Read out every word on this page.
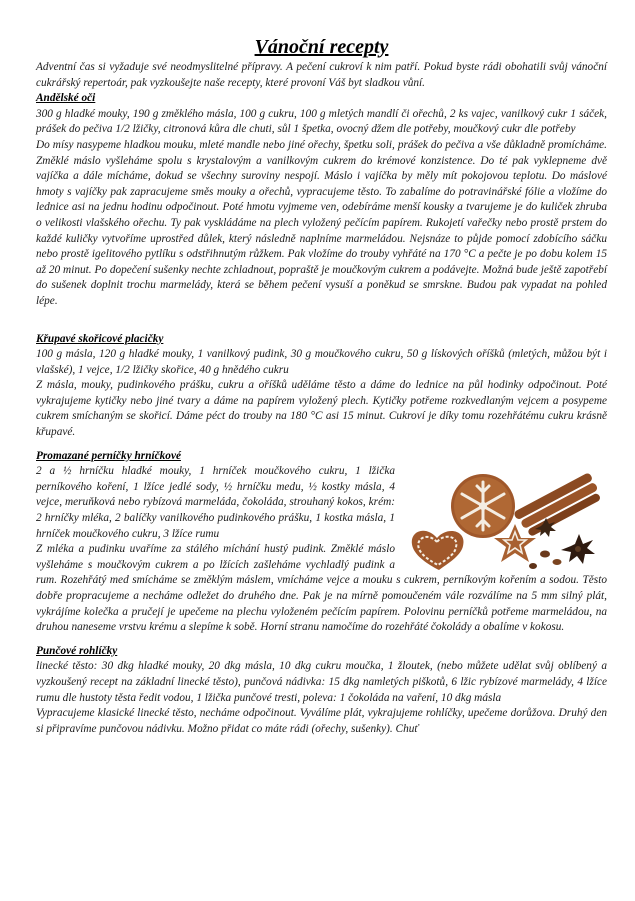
Vánoční recepty

Adventní čas si vyžaduje své neodmyslitelné přípravy. A pečení cukroví k nim patří. Pokud byste rádi obohatili svůj vánoční cukrářský repertoár, pak vyzkoušejte naše recepty, které provoní Váš byt sladkou vůní.

Andělské oči

300 g hladké mouky, 190 g změklého másla, 100 g cukru, 100 g mletých mandlí či ořechů, 2 ks vajec, vanilkový cukr 1 sáček, prášek do pečiva 1/2 lžičky, citronová kůra dle chuti, sůl 1 špetka, ovocný džem dle potřeby, moučkový cukr dle potřeby

Do mísy nasypeme hladkou mouku, mleté mandle nebo jiné ořechy, špetku soli, prášek do pečiva a vše důkladně promícháme. Změklé máslo vyšleháme spolu s krystalovým a vanilkovým cukrem do krémové konzistence. Do té pak vyklepneme dvě vajíčka a dále mícháme, dokud se všechny suroviny nespojí. Máslo i vajíčka by měly mít pokojovou teplotu. Do máslové hmoty s vajíčky pak zapracujeme směs mouky a ořechů, vypracujeme těsto. To zabalíme do potravinářské fólie a vložíme do lednice asi na jednu hodinu odpočinout. Poté hmotu vyjmeme ven, odebíráme menší kousky a tvarujeme je do kuliček zhruba o velikosti vlašského ořechu. Ty pak vyskládáme na plech vyložený pečícím papírem. Rukojetí vařečky nebo prostě prstem do každé kuličky vytvoříme uprostřed důlek, který následně naplníme marmeládou. Nejsnáze to půjde pomocí zdobícího sáčku nebo prostě igelitového pytlíku s odstřihnutým růžkem. Pak vložíme do trouby vyhřáté na 170 °C a pečte je po dobu kolem 15 až 20 minut. Po dopečení sušenky nechte zchladnout, popraště je moučkovým cukrem a podávejte. Možná bude ještě zapotřebí do sušenek doplnit trochu marmelády, která se během pečení vysuší a poněkud se smrskne. Budou pak vypadat na pohled lépe.

Křupavé skořicové placičky

100 g másla, 120 g hladké mouky, 1 vanilkový pudink, 30 g moučkového cukru, 50 g lískových oříšků (mletých, můžou být i vlašské), 1 vejce, 1/2 lžičky skořice, 40 g hnědého cukru

Z másla, mouky, pudinkového prášku, cukru a oříšků uděláme těsto a dáme do lednice na půl hodinky odpočinout. Poté vykrajujeme kytičky nebo jiné tvary a dáme na papírem vyložený plech. Kytičky potřeme rozkvedlaným vejcem a posypeme cukrem smíchaným se skořicí. Dáme péct do trouby na 180 °C asi 15 minut. Cukroví je díky tomu rozehřátému cukru krásně křupavé.

Promazané perníčky hrníčkové

2 a ½ hrníčku hladké mouky, 1 hrníček moučkového cukru, 1 lžička perníkového koření, 1 lžíce jedlé sody, ½ hrníčku medu, ½ kostky másla, 4 vejce, meruňková nebo rybízová marmeláda, čokoláda, strouhaný kokos, krém: 2 hrníčky mléka, 2 balíčky vanilkového pudinkového prášku, 1 kostka másla, 1 hrníček moučkového cukru, 3 lžíce rumu

Z mléka a pudinku uvaříme za stálého míchání hustý pudink. Změklé máslo vyšleháme s moučkovým cukrem a po lžících zašleháme vychladlý pudink a rum. Rozehřátý med smícháme se změklým máslem, vmícháme vejce a mouku s cukrem, perníkovým kořením a sodou. Těsto dobře propracujeme a necháme odležet do druhého dne. Pak je na mírně pomoučeném vále rozválíme na 5 mm silný plát, vykrájíme kolečka a pručejí je upečeme na plechu vyloženém pečícím papírem. Polovinu perníčků potřeme marmeládou, na druhou naneseme vrstvu krému a slepíme k sobě. Horní stranu namočíme do rozehřáté čokolády a obalíme v kokosu.

Punčové rohlíčky

linecké těsto: 30 dkg hladké mouky, 20 dkg másla, 10 dkg cukru moučka, 1 žloutek, (nebo můžete udělat svůj oblíbený a vyzkoušený recept na základní linecké těsto), punčová nádivka: 15 dkg namletých piškotů, 6 lžic rybízové marmelády, 4 lžíce rumu dle hustoty těsta ředit vodou, 1 lžička punčové tresti, poleva: 1 čokoláda na vaření, 10 dkg másla

Vypracujeme klasické linecké těsto, necháme odpočinout. Vyválíme plát, vykrajujeme rohlíčky, upečeme dorůžova. Druhý den si připravíme punčovou nádivku. Možno přidat co máte rádi (ořechy, sušenky). Chuť
